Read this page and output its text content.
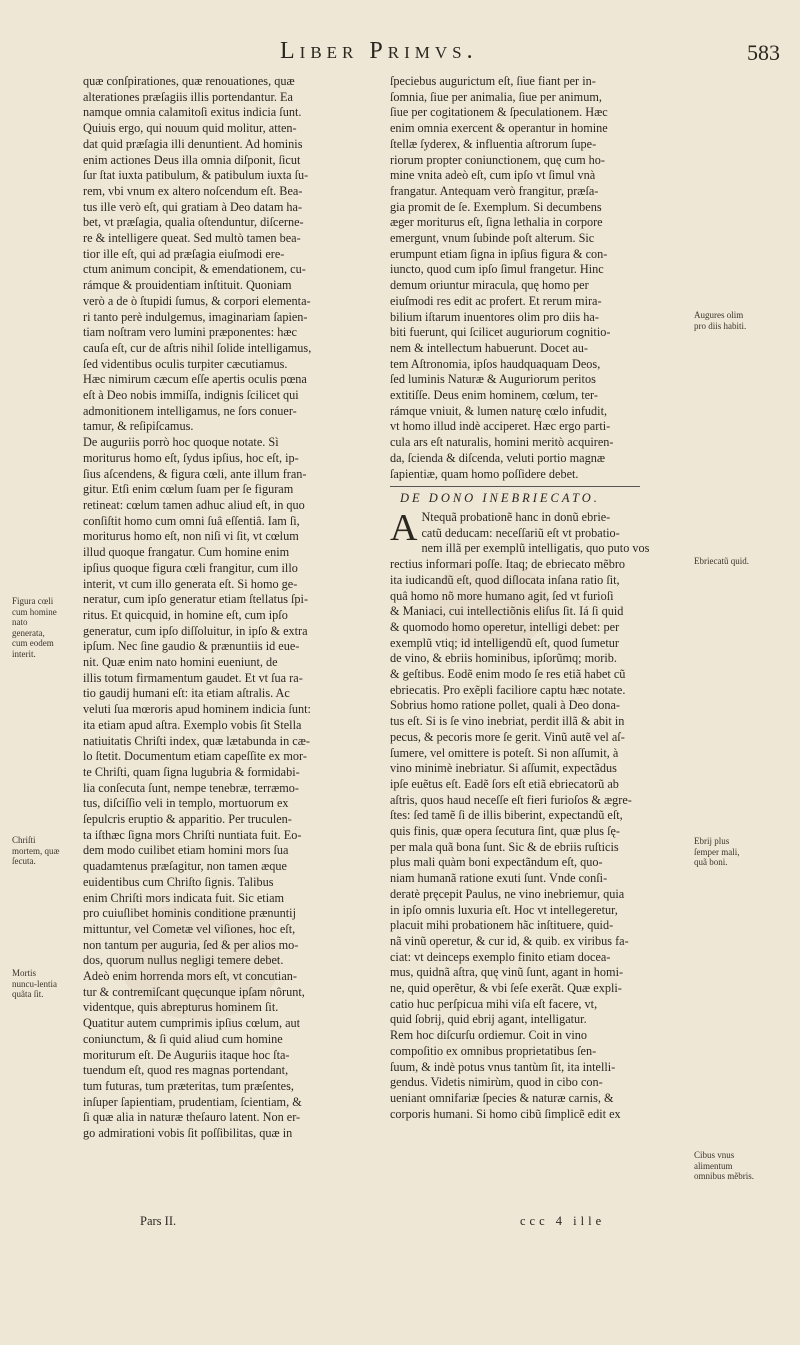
Liber Primvs.	583

quæ conſpirationes, quæ renouationes, quæ

alterationes præſagiis illis portendantur. Ea

namque omnia calamitoſi exitus indicia ſunt.

Quiuis ergo, qui nouum quid molitur, atten-

dat quid præſagia illi denuntient. Ad hominis

enim actiones Deus illa omnia diſponit, ſicut

ſur ſtat iuxta patibulum, & patibulum iuxta ſu-

rem, vbi vnum ex altero noſcendum eſt. Bea-

tus ille verò eſt, qui gratiam à Deo datam ha-

bet, vt præſagia, qualia oſtenduntur, diſcerne-

re & intelligere queat. Sed multò tamen bea-

tior ille eſt, qui ad præſagia eiuſmodi ere-

ctum animum concipit, & emendationem, cu-

rámque & prouidentiam inſtituit. Quoniam

verò a de ò ſtupidi ſumus, & corpori elementa-

ri tanto perè indulgemus, imaginariam ſapien-

tiam noſtram vero lumini præponentes: hæc

cauſa eſt, cur de aſtris nihil ſolide intelligamus,

ſed videntibus oculis turpiter cæcutiamus.

Hæc nimirum cæcum eſſe apertis oculis pœna

eſt à Deo nobis immiſſa, indignis ſcilicet qui

admonitionem intelligamus, ne ſors conuer-

tamur, & reſipiſcamus.

De auguriis porrò hoc quoque notate. Sì

moriturus homo eſt, ſydus ipſius, hoc eſt, ip-

ſius aſcendens, & figura cœli, ante illum fran-

gitur. Etſi enim cœlum ſuam per ſe figuram

retineat: cœlum tamen adhuc aliud eſt, in quo

conſiſtit homo cum omni ſuâ eſſentiâ. Iam ſi,

moriturus homo eſt, non niſi vi ſit, vt cœlum

illud quoque frangatur. Cum homine enim

ipſius quoque figura cœli frangitur, cum illo

interit, vt cum illo generata eſt. Si homo ge-

neratur, cum ipſo generatur etiam ſtellatus ſpi-

ritus. Et quicquid, in homine eſt, cum ipſo

generatur, cum ipſo diſſoluitur, in ipſo & extra

ipſum. Nec ſine gaudio & prænuntiis id eue-

nit. Quæ enim nato homini eueniunt, de

illis totum firmamentum gaudet. Et vt ſua ra-

tio gaudij humani eſt: ita etiam aſtralis. Ac

veluti ſua mœroris apud hominem indicia ſunt:

ita etiam apud aſtra. Exemplo vobis ſit Stella

natiuitatis Chriſti index, quæ lætabunda in cæ-

lo ſtetit. Documentum etiam capeſſite ex mor-

te Chriſti, quam ſigna lugubria & formidabi-

lia conſecuta ſunt, nempe tenebræ, terræmo-

tus, diſciſſio veli in templo, mortuorum ex

ſepulcris eruptio & apparitio. Per truculen-

ta iſthæc ſigna mors Chriſti nuntiata fuit. Eo-

dem modo cuilibet etiam homini mors ſua

quadamtenus præſagitur, non tamen æque

euidentibus cum Chriſto ſignis. Talibus

enim Chriſti mors indicata fuit. Sic etiam

pro cuiuſlibet hominis conditione prænuntij

mittuntur, vel Cometæ vel viſiones, hoc eſt,

non tantum per auguria, ſed & per alios mo-

dos, quorum nullus negligi temere debet.

Adeò enim horrenda mors eſt, vt concutian-

tur & contremiſcant quęcunque ipſam nôrunt,

videntque, quis abrepturus hominem ſit.

Quatitur autem cumprimis ipſius cœlum, aut

coniunctum, & ſi quid aliud cum homine

moriturum eſt. De Auguriis itaque hoc ſta-

tuendum eſt, quod res magnas portendant,

tum futuras, tum præteritas, tum præſentes,

inſuper ſapientiam, prudentiam, ſcientiam, &

ſi quæ alia in naturæ theſauro latent. Non er-

go admirationi vobis ſit poſſibilitas, quæ in

ſpeciebus augurictum eſt, ſiue fiant per in-

ſomnia, ſiue per animalia, ſiue per animum,

ſiue per cogitationem & ſpeculationem. Hæc

enim omnia exercent & operantur in homine

ſtellæ ſyderex, & influentia aſtrorum ſupe-

riorum propter coniunctionem, quę cum ho-

mine vnita adeò eſt, cum ipſo vt ſimul vnà

frangatur. Antequam verò frangitur, præſa-

gia promit de ſe. Exemplum. Si decumbens

æger moriturus eſt, ſigna lethalia in corpore

emergunt, vnum ſubinde poſt alterum. Sic

erumpunt etiam ſigna in ipſius figura & con-

iuncto, quod cum ipſo ſimul frangetur. Hinc

demum oriuntur miracula, quę homo per

eiuſmodi res edit ac profert. Et rerum mira-

bilium iſtarum inuentores olim pro diis ha-

biti fuerunt, qui ſcilicet auguriorum cognitio-

nem & intellectum habuerunt. Docet au-

tem Aſtronomia, ipſos haudquaquam Deos,

ſed luminis Naturæ & Auguriorum peritos

extitiſſe. Deus enim hominem, cœlum, ter-

rámque vniuit, & lumen naturę cœlo infudit,

vt homo illud indè acciperet. Hæc ergo parti-

cula ars eſt naturalis, homini meritò acquiren-

da, ſcienda & diſcenda, veluti portio magnæ

ſapientiæ, quam homo poſſidere debet.

DE DONO INEBRIECATO.
A Ntequã probationẽ hanc in donũ ebrie-

catũ deducam: neceſſariũ eſt vt probatio-

nem illã per exemplũ intelligatis, quo puto vos

rectius informari poſſe. Itaq; de ebriecato mẽbro

ita iudicandũ eſt, quod diſlocata inſana ratio ſit,

quâ homo nõ more humano agit, ſed vt furioſi

& Maniaci, cui intellectiõnis eliſus ſit. Iá ſi quid

& quomodo homo operetur, intelligi debet: per

exemplũ vtiq; id intelligendũ eſt, quod ſumetur

de vino, & ebriis hominibus, ipſorũmq; morib.

& geſtibus. Eodẽ enim modo ſe res etiã habet cũ

ebriecatis. Pro exẽpli faciliore captu hæc notate.

Sobrius homo ratione pollet, quali à Deo dona-

tus eſt. Si is ſe vino inebriat, perdit illã & abit in

pecus, & pecoris more ſe gerit. Vinũ autẽ vel aſ-

ſumere, vel omittere is poteſt. Si non aſſumit, à

vino minimè inebriatur. Si aſſumit, expectãdus

ipſe euẽtus eſt. Eadẽ ſors eſt etiã ebriecatorũ ab

aſtris, quos haud neceſſe eſt fieri furioſos & ægre-

ſtes: ſed tamẽ ſi de illis biberint, expectandũ eſt,

quis finis, quæ opera ſecutura ſint, quæ plus ſę-

per mala quã bona ſunt. Sic & de ebriis ruſticis

plus mali quàm boni expectãndum eſt, quo-

niam humanã ratione exuti ſunt. Vnde conſi-

deratè pręcepit Paulus, ne vino inebriemur, quia

in ipſo omnis luxuria eſt. Hoc vt intellegeretur,

placuit mihi probationem hãc inſtituere, quid-

nã vinũ operetur, & cur id, & quib. ex viribus fa-

ciat: vt deinceps exemplo finito etiam docea-

mus, quidnã aſtra, quę vinũ ſunt, agant in homi-

ne, quid operẽtur, & vbi ſeſe exerãt. Quæ expli-

catio huc perſpicua mihi viſa eſt facere, vt,

quid ſobrij, quid ebrij agant, intelligatur.

Rem hoc diſcurſu ordiemur. Coit in vino

compoſitio ex omnibus proprietatibus ſen-

ſuum, & indè potus vnus tantùm ſit, ita intelli-

gendus. Videtis nimirùm, quod in cibo con-

ueniant omnifariæ ſpecies & naturæ carnis, &

corporis humani. Si homo cibũ ſimplicẽ edit ex

Figura cœli cum homine nato generata, cum eodem interit.
Chriſti mortem, quæ ſecuta.
Mortis nuncu-lentia quãta ſit.
Augures olim pro diis habiti.
Ebriecatũ quid.
Ebrij plus ſemper mali, quã boni.
Cibus vnus alimentum omnibus mẽbris.
Pars II.	ccc 4 ille
